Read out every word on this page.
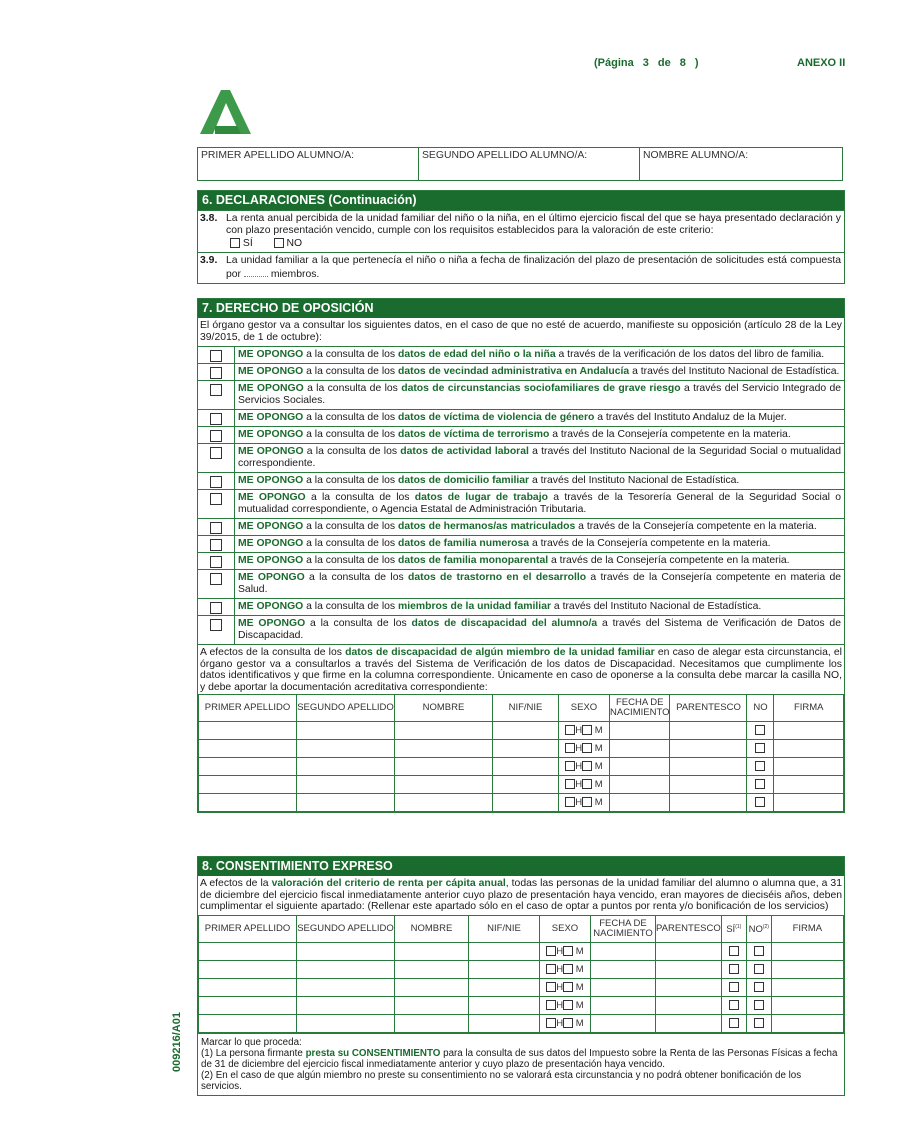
(Página 3 de 8 )	ANEXO II
009216/A01
PRIMER APELLIDO ALUMNO/A:	SEGUNDO APELLIDO ALUMNO/A:	NOMBRE ALUMNO/A:
6. DECLARACIONES (Continuación)
3.8. La renta anual percibida de la unidad familiar del niño o la niña, en el último ejercicio fiscal del que se haya presentado declaración y con plazo presentación vencido, cumple con los requisitos establecidos para la valoración de este criterio:
SÍ	NO
3.9. La unidad familiar a la que pertenecía el niño o niña a fecha de finalización del plazo de presentación de solicitudes está compuesta por	miembros.
7. DERECHO DE OPOSICIÓN
El órgano gestor va a consultar los siguientes datos, en el caso de que no esté de acuerdo, manifieste su opposición (artículo 28 de la Ley 39/2015, de 1 de octubre):
ME OPONGO a la consulta de los datos de edad del niño o la niña a través de la verificación de los datos del libro de familia.
ME OPONGO a la consulta de los datos de vecindad administrativa en Andalucía a través del Instituto Nacional de Estadística.
ME OPONGO a la consulta de los datos de circunstancias sociofamiliares de grave riesgo a través del Servicio Integrado de Servicios Sociales.
ME OPONGO a la consulta de los datos de víctima de violencia de género a través del Instituto Andaluz de la Mujer.
ME OPONGO a la consulta de los datos de víctima de terrorismo a través de la Consejería competente en la materia.
ME OPONGO a la consulta de los datos de actividad laboral a través del Instituto Nacional de la Seguridad Social o mutualidad correspondiente.
ME OPONGO a la consulta de los datos de domicilio familiar a través del Instituto Nacional de Estadística.
ME OPONGO a la consulta de los datos de lugar de trabajo a través de la Tesorería General de la Seguridad Social o mutualidad correspondiente, o Agencia Estatal de Administración Tributaria.
ME OPONGO a la consulta de los datos de hermanos/as matriculados a través de la Consejería competente en la materia.
ME OPONGO a la consulta de los datos de familia numerosa a través de la Consejería competente en la materia.
ME OPONGO a la consulta de los datos de familia monoparental a través de la Consejería competente en la materia.
ME OPONGO a la consulta de los datos de trastorno en el desarrollo a través de la Consejería competente en materia de Salud.
ME OPONGO a la consulta de los miembros de la unidad familiar a través del Instituto Nacional de Estadística.
ME OPONGO a la consulta de los datos de discapacidad del alumno/a a través del Sistema de Verificación de Datos de Discapacidad.
A efectos de la consulta de los datos de discapacidad de algún miembro de la unidad familiar en caso de alegar esta circunstancia, el órgano gestor va a consultarlos a través del Sistema de Verificación de los datos de Discapacidad. Necesitamos que cumplimente los datos identificativos y que firme en la columna correspondiente. Únicamente en caso de oponerse a la consulta debe marcar la casilla NO, y debe aportar la documentación acreditativa correspondiente:
PRIMER APELLIDO	SEGUNDO APELLIDO	NOMBRE	NIF/NIE	SEXO	FECHA DE NACIMIENTO	PARENTESCO	NO	FIRMA
				H M				
				H M				
				H M				
				H M				
				H M				
8. CONSENTIMIENTO EXPRESO
A efectos de la valoración del criterio de renta per cápita anual, todas las personas de la unidad familiar del alumno o alumna que, a 31 de diciembre del ejercicio fiscal inmediatamente anterior cuyo plazo de presentación haya vencido, eran mayores de dieciséis años, deben cumplimentar el siguiente apartado: (Rellenar este apartado sólo en el caso de optar a puntos por renta y/o bonificación de los servicios)
PRIMER APELLIDO	SEGUNDO APELLIDO	NOMBRE	NIF/NIE	SEXO	FECHA DE NACIMIENTO	PARENTESCO	SÍ$^{(1)}$	NO$^{(2)}$	FIRMA
				H M					
				H M					
				H M					
				H M					
				H M					
Marcar lo que proceda:
(1) La persona firmante presta su CONSENTIMIENTO para la consulta de sus datos del Impuesto sobre la Renta de las Personas Físicas a fecha de 31 de diciembre del ejercicio fiscal inmediatamente anterior y cuyo plazo de presentación haya vencido.
(2) En el caso de que algún miembro no preste su consentimiento no se valorará esta circunstancia y no podrá obtener bonificación de los servicios.
